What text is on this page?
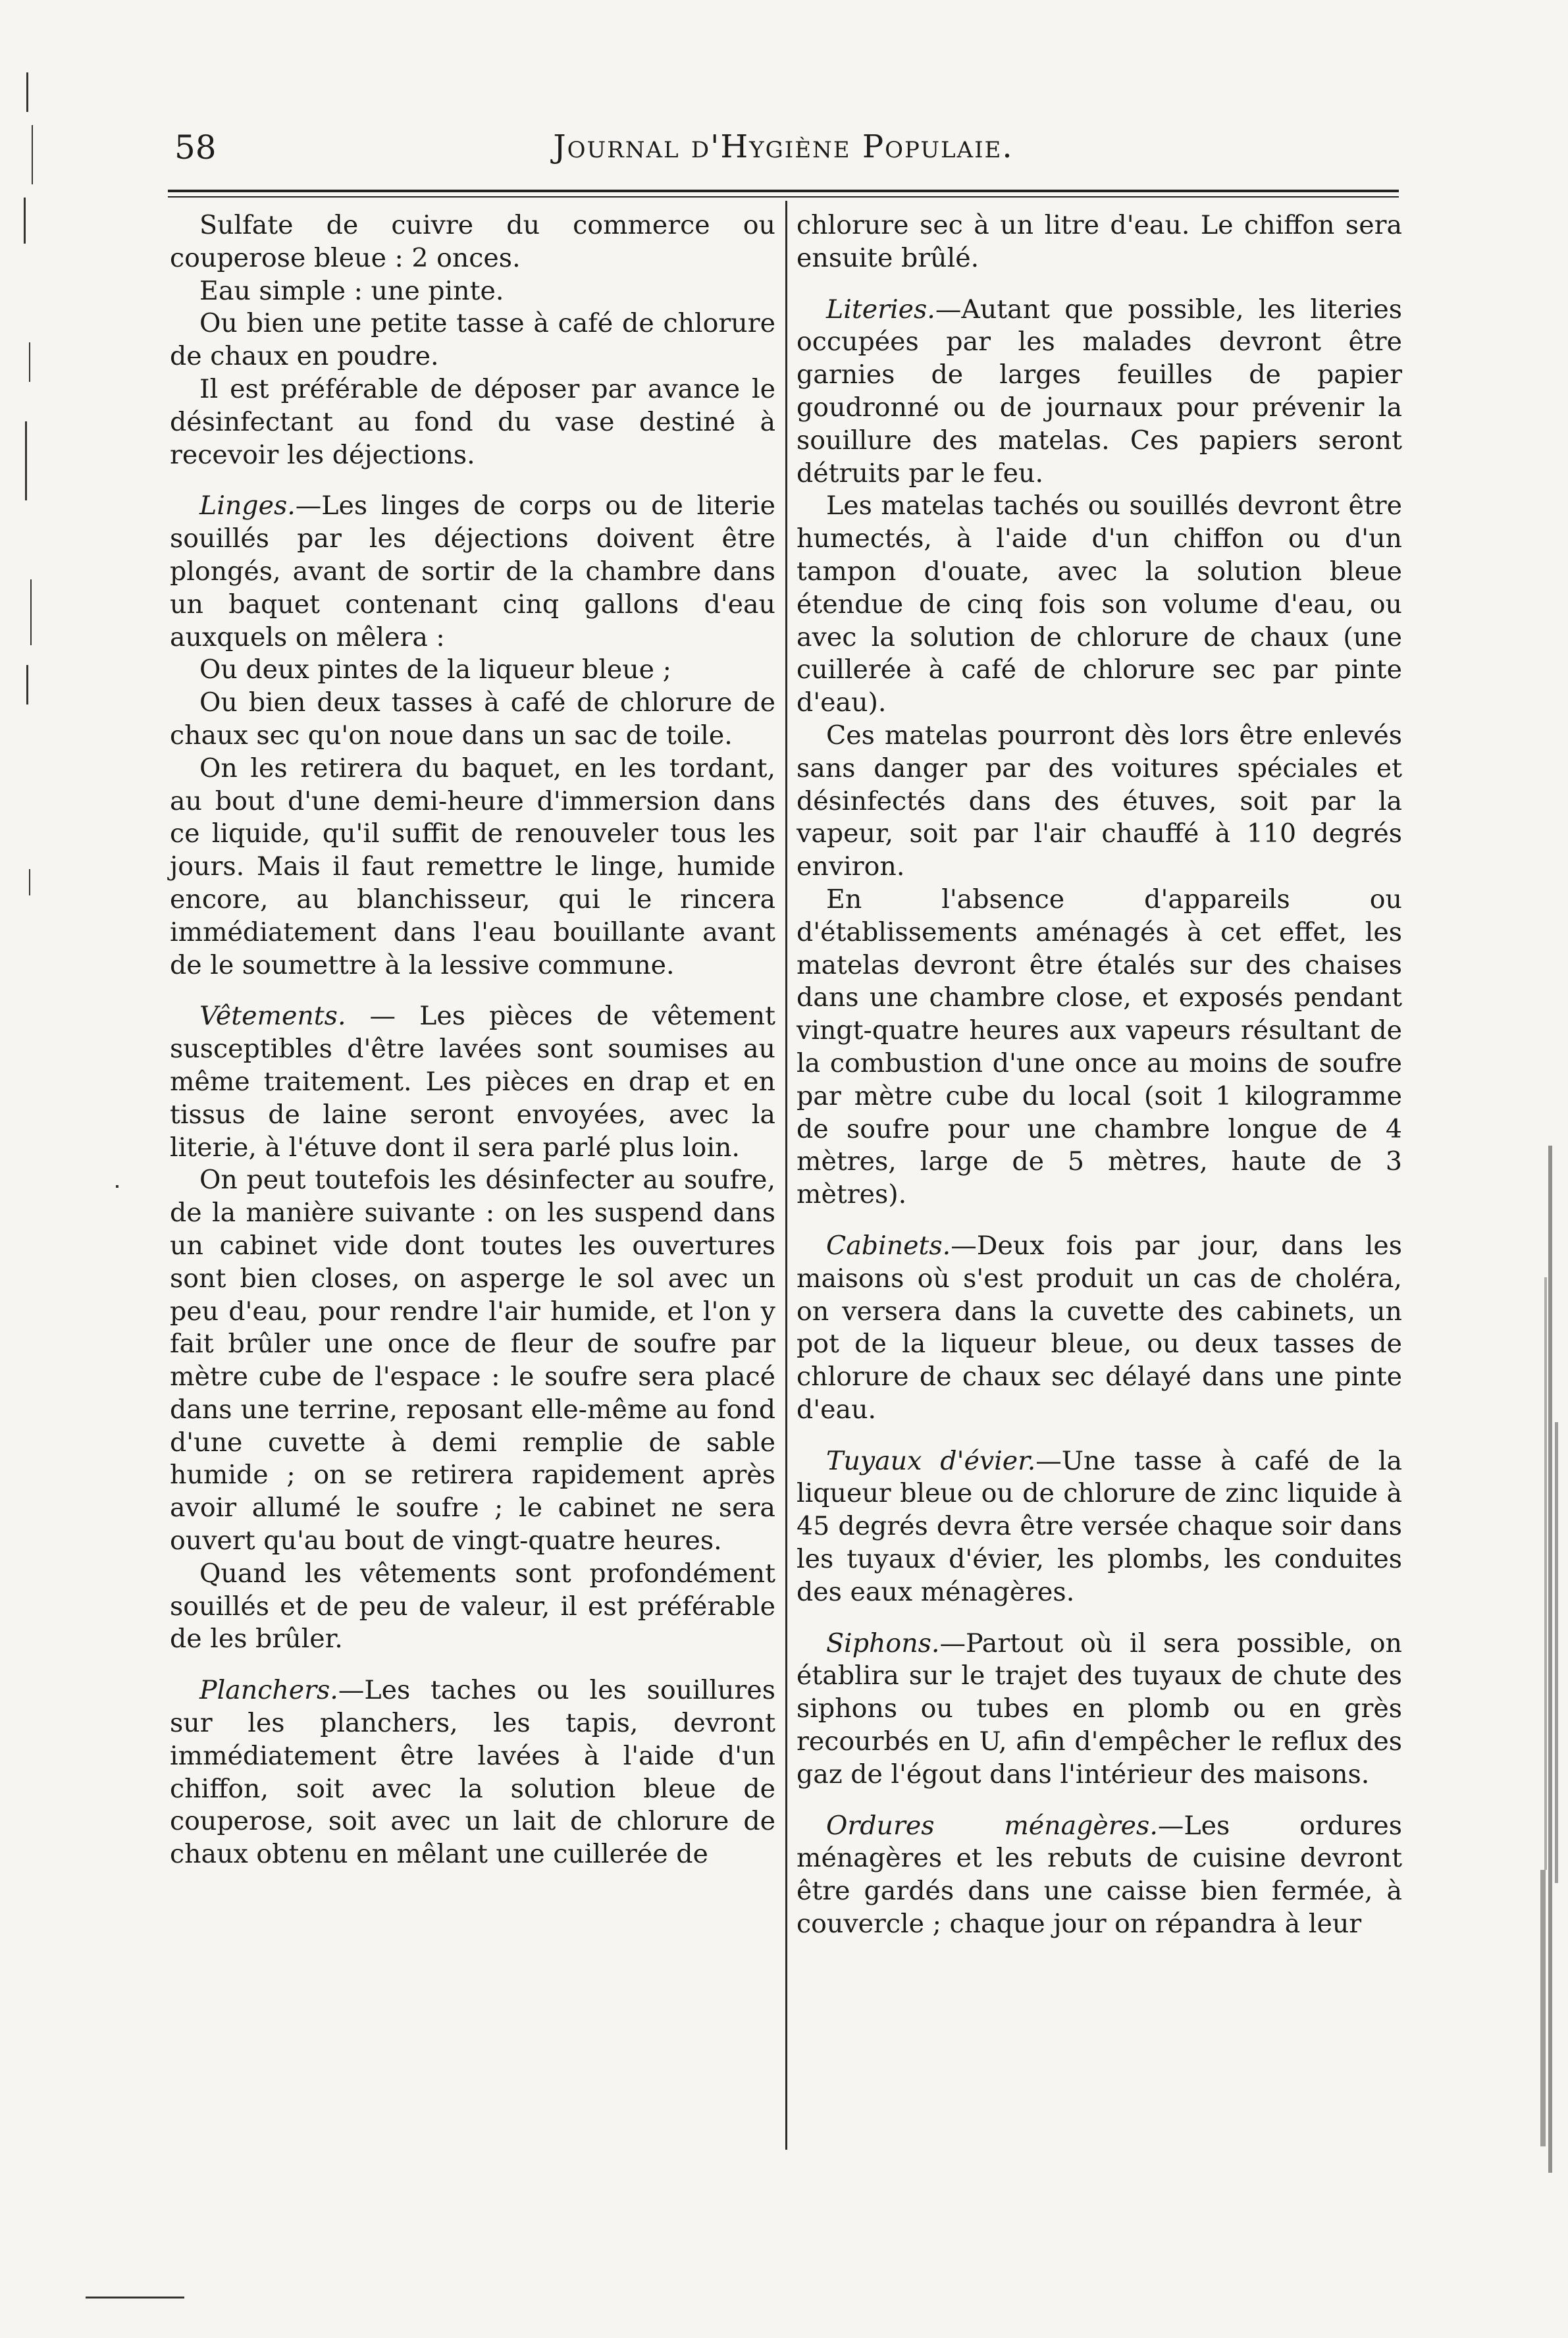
58	Journal d'Hygiène Populaie.

Sulfate de cuivre du commerce ou couperose bleue : 2 onces.

Eau simple : une pinte.

Ou bien une petite tasse à café de chlorure de chaux en poudre.

Il est préférable de déposer par avance le désinfectant au fond du vase destiné à recevoir les déjections.

Linges.—Les linges de corps ou de literie souillés par les déjections doivent être plongés, avant de sortir de la chambre dans un baquet contenant cinq gallons d'eau auxquels on mêlera :

Ou deux pintes de la liqueur bleue ;

Ou bien deux tasses à café de chlorure de chaux sec qu'on noue dans un sac de toile.

On les retirera du baquet, en les tordant, au bout d'une demi-heure d'immersion dans ce liquide, qu'il suffit de renouveler tous les jours. Mais il faut remettre le linge, humide encore, au blanchisseur, qui le rincera immédiatement dans l'eau bouillante avant de le soumettre à la lessive commune.

Vêtements. — Les pièces de vêtement susceptibles d'être lavées sont soumises au même traitement. Les pièces en drap et en tissus de laine seront envoyées, avec la literie, à l'étuve dont il sera parlé plus loin.

On peut toutefois les désinfecter au soufre, de la manière suivante : on les suspend dans un cabinet vide dont toutes les ouvertures sont bien closes, on asperge le sol avec un peu d'eau, pour rendre l'air humide, et l'on y fait brûler une once de fleur de soufre par mètre cube de l'espace : le soufre sera placé dans une terrine, reposant elle-même au fond d'une cuvette à demi remplie de sable humide ; on se retirera rapidement après avoir allumé le soufre ; le cabinet ne sera ouvert qu'au bout de vingt-quatre heures.

Quand les vêtements sont profondément souillés et de peu de valeur, il est préférable de les brûler.

Planchers.—Les taches ou les souillures sur les planchers, les tapis, devront immédiatement être lavées à l'aide d'un chiffon, soit avec la solution bleue de couperose, soit avec un lait de chlorure de chaux obtenu en mêlant une cuillerée de

chlorure sec à un litre d'eau. Le chiffon sera ensuite brûlé.

Literies.—Autant que possible, les literies occupées par les malades devront être garnies de larges feuilles de papier goudronné ou de journaux pour prévenir la souillure des matelas. Ces papiers seront détruits par le feu.

Les matelas tachés ou souillés devront être humectés, à l'aide d'un chiffon ou d'un tampon d'ouate, avec la solution bleue étendue de cinq fois son volume d'eau, ou avec la solution de chlorure de chaux (une cuillerée à café de chlorure sec par pinte d'eau).

Ces matelas pourront dès lors être enlevés sans danger par des voitures spéciales et désinfectés dans des étuves, soit par la vapeur, soit par l'air chauffé à 110 degrés environ.

En l'absence d'appareils ou d'établissements aménagés à cet effet, les matelas devront être étalés sur des chaises dans une chambre close, et exposés pendant vingt-quatre heures aux vapeurs résultant de la combustion d'une once au moins de soufre par mètre cube du local (soit 1 kilogramme de soufre pour une chambre longue de 4 mètres, large de 5 mètres, haute de 3 mètres).

Cabinets.—Deux fois par jour, dans les maisons où s'est produit un cas de choléra, on versera dans la cuvette des cabinets, un pot de la liqueur bleue, ou deux tasses de chlorure de chaux sec délayé dans une pinte d'eau.

Tuyaux d'évier.—Une tasse à café de la liqueur bleue ou de chlorure de zinc liquide à 45 degrés devra être versée chaque soir dans les tuyaux d'évier, les plombs, les conduites des eaux ménagères.

Siphons.—Partout où il sera possible, on établira sur le trajet des tuyaux de chute des siphons ou tubes en plomb ou en grès recourbés en U, afin d'empêcher le reflux des gaz de l'égout dans l'intérieur des maisons.

Ordures ménagères.—Les ordures ménagères et les rebuts de cuisine devront être gardés dans une caisse bien fermée, à couvercle ; chaque jour on répandra à leur
